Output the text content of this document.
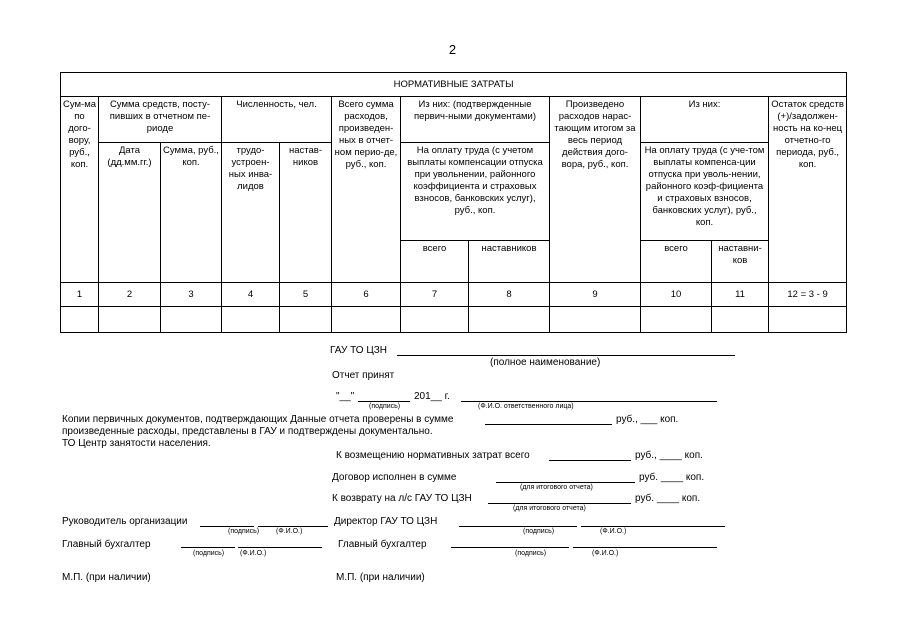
2
НОРМАТИВНЫЕ ЗАТРАТЫ											
Сум-ма по дого-вору, руб., коп.	Сумма средств, посту-пивших в отчетном пе-риоде		Численность, чел.		Всего сумма расходов, произведен-ных в отчет-ном перио-де, руб., коп.	Из них: (подтвержденные первич-ными документами)		Произведено расходов нарас-тающим итогом за весь период действия дого-вора, руб., коп.	Из них:		Остаток средств (+)/задолжен-ность на ко-нец отчетно-го периода, руб., коп.
	Дата (дд.мм.гг.)	Сумма, руб., коп.	трудо-устроен-ных инва-лидов	настав-ников		На оплату труда (с учетом выплаты компенсации отпуска при увольнении, районного коэффициента и страховых взносов, банковских услуг), руб., коп.			На оплату труда (с уче-том выплаты компенса-ции отпуска при уволь-нении, районного коэф-фициента и страховых взносов, банковских услуг), руб., коп.		
						всего	наставников		всего	наставни-ков	

1	2	3	4	5	6	7	8	9	10	11	12 = 3 - 9

ГАУ ТО ЦЗН
(полное наименование)
Отчет принят
"__"	201__ г.
(подпись)	(Ф.И.О. ответственного лица)
Копии первичных документов, подтверждающих Данные отчета проверены в сумме	руб., ___ коп.
произведенные расходы, представлены в ГАУ и подтверждены документально.
ТО Центр занятости населения.
К возмещению нормативных затрат всего	руб., ____ коп.
Договор исполнен в сумме	руб. ____ коп.
(для итогового отчета)
К возврату на л/с ГАУ ТО ЦЗН	руб. ____ коп.
(для итогового отчета)
Руководитель организации
(подпись) (Ф.И.О.)
Директор ГАУ ТО ЦЗН
(подпись)	(Ф.И.О.)
Главный бухгалтер
(подпись) (Ф.И.О.)
Главный бухгалтер
(подпись)	(Ф.И.О.)
М.П. (при наличии)	М.П. (при наличии)
